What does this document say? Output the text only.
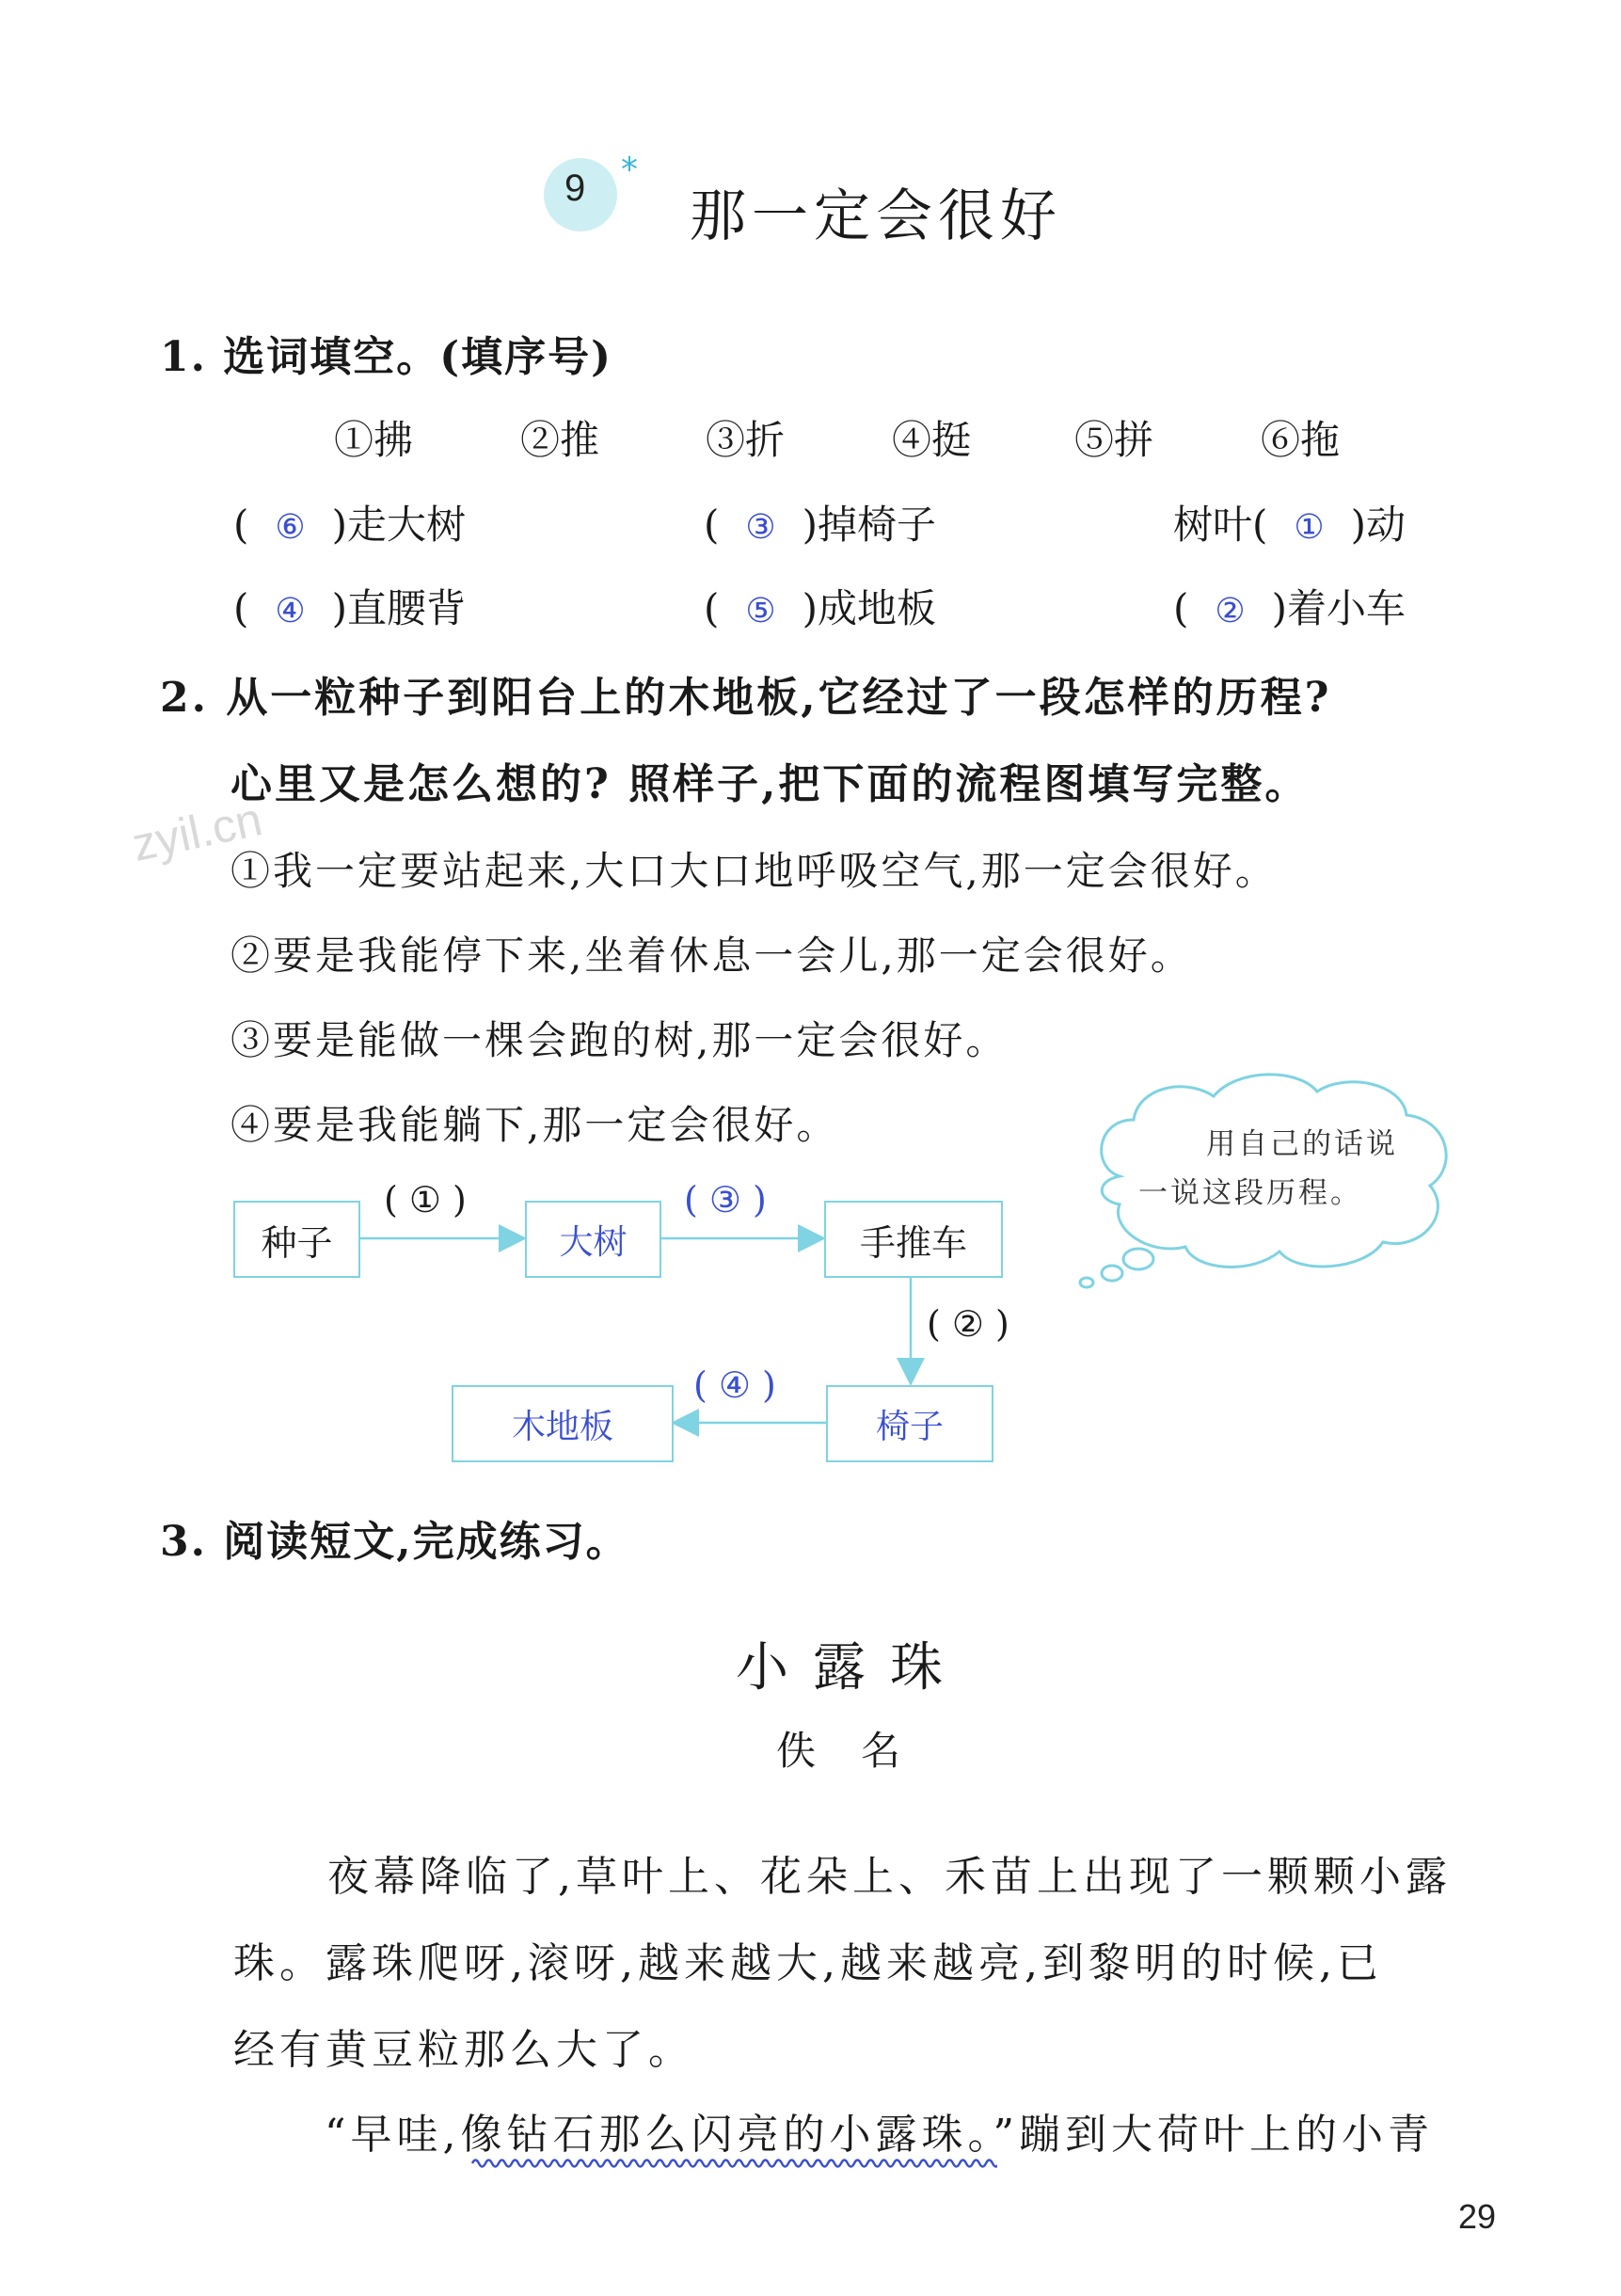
9 *
那一定会很好
1. 选词填空。(填序号)
①拂	②推	③折	④挺	⑤拼	⑥拖
( ⑥ )走大树	( ③ )掉椅子	树叶( ① )动
( ④ )直腰背	( ⑤ )成地板	( ② )着小车
2. 从一粒种子到阳台上的木地板,它经过了一段怎样的历程?
心里又是怎么想的? 照样子,把下面的流程图填写完整。
zyil.cn
①我一定要站起来,大口大口地呼吸空气,那一定会很好。
②要是我能停下来,坐着休息一会儿,那一定会很好。
③要是能做一棵会跑的树,那一定会很好。
④要是我能躺下,那一定会很好。	用自己的话说
一说这段历程。
种子	大树	手推车
椅子
木地板
( ① )	( ③ )
( ② )
( ④ )
3. 阅读短文,完成练习。
小露珠
佚名
夜幕降临了,草叶上、花朵上、禾苗上出现了一颗颗小露
珠。露珠爬呀,滚呀,越来越大,越来越亮,到黎明的时候,已
经有黄豆粒那么大了。
“早哇,像钻石那么闪亮的小露珠。”蹦到大荷叶上的小青
29
